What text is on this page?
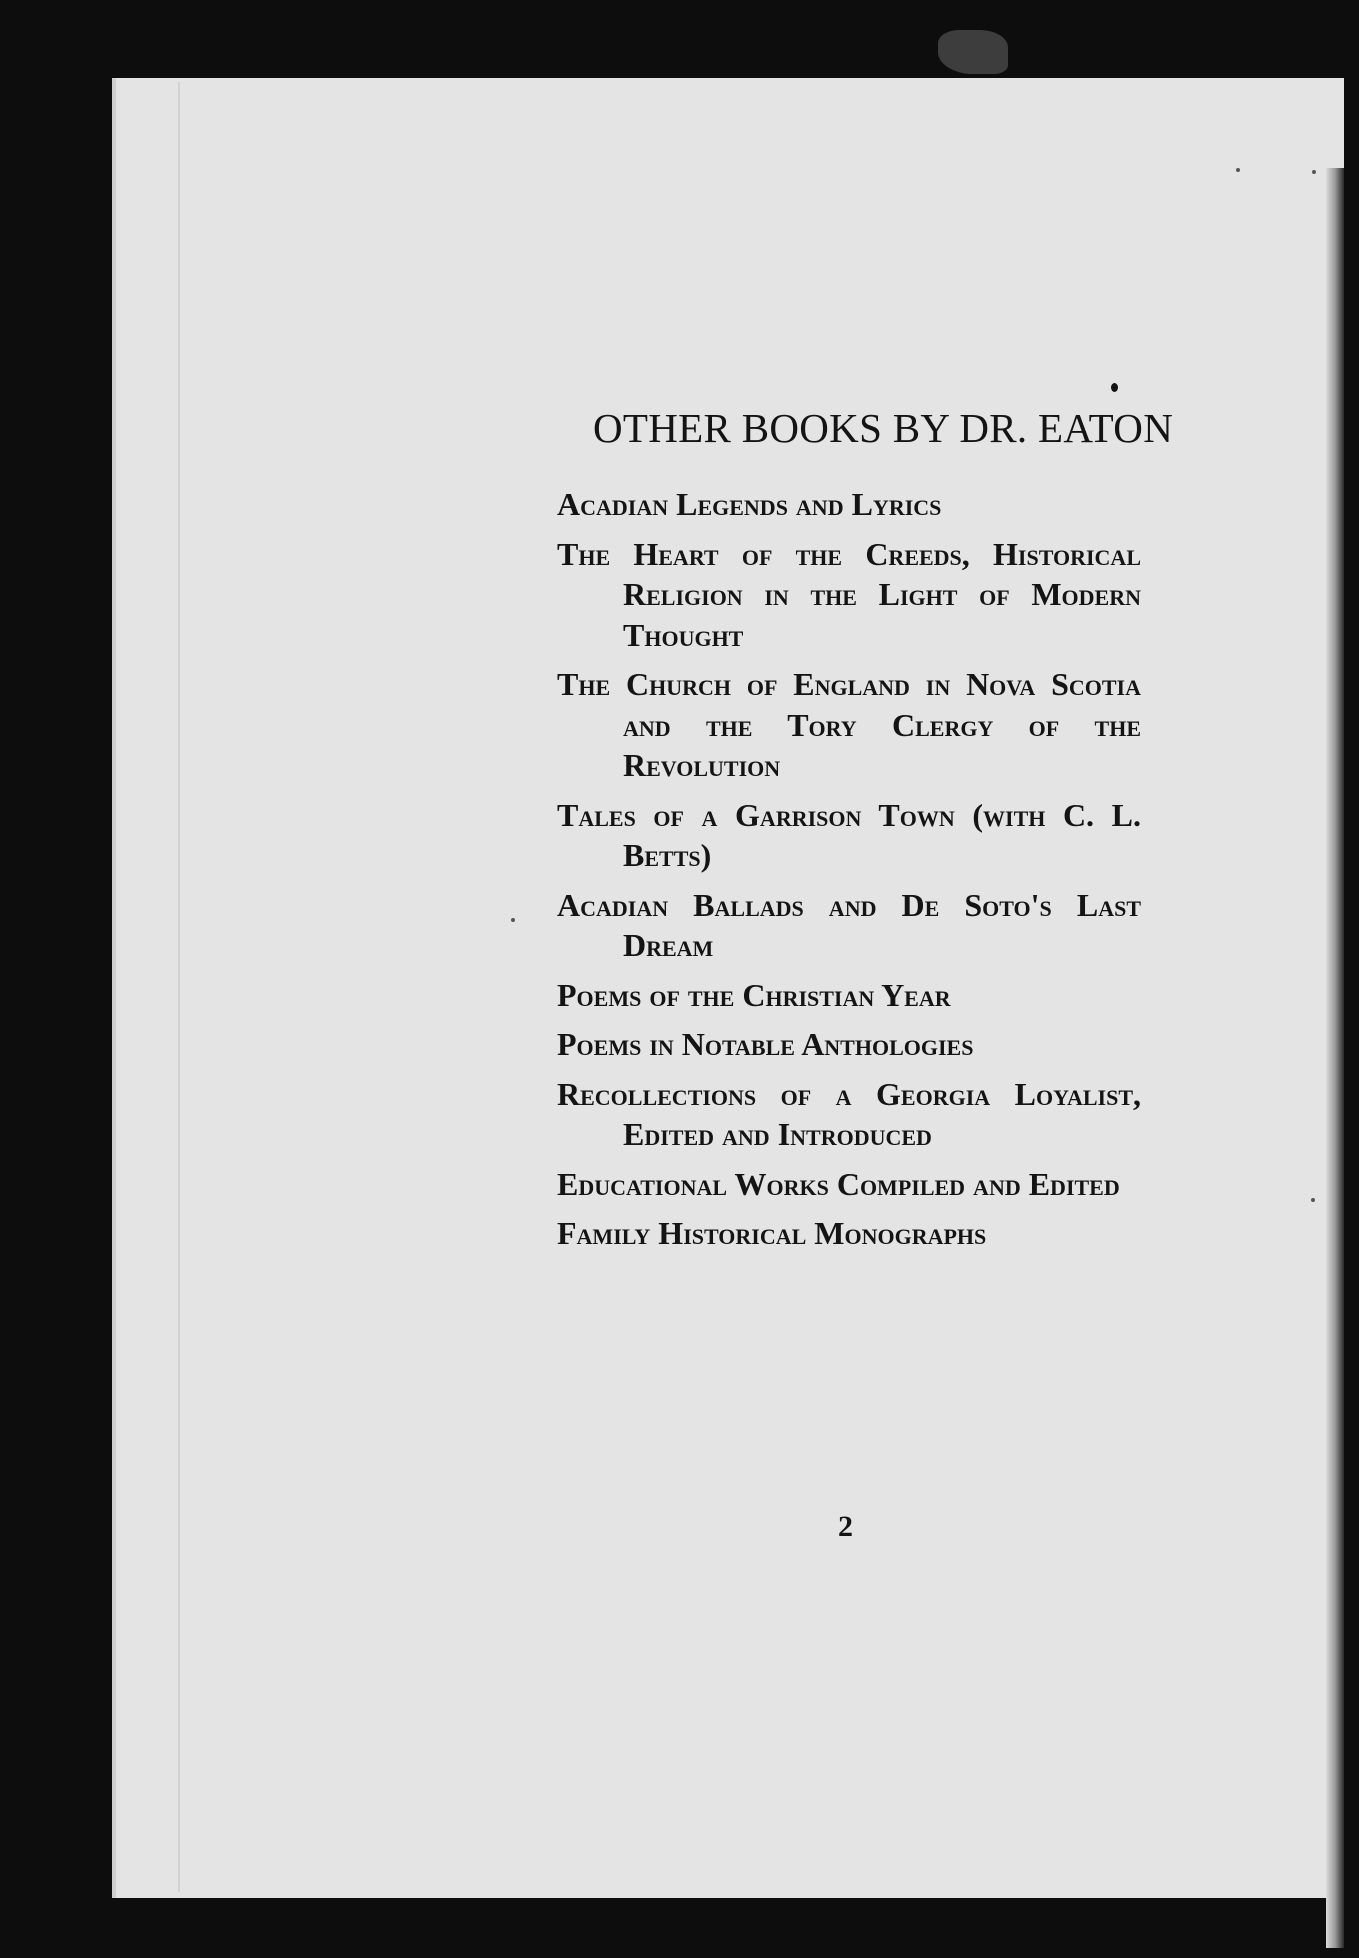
OTHER BOOKS BY DR. EATON
Acadian Legends and Lyrics
The Heart of the Creeds, Historical Religion in the Light of Modern Thought
The Church of England in Nova Scotia and the Tory Clergy of the Revolution
Tales of a Garrison Town (with C. L. Betts)
Acadian Ballads and De Soto's Last Dream
Poems of the Christian Year
Poems in Notable Anthologies
Recollections of a Georgia Loyalist, Edited and Introduced
Educational Works Compiled and Edited
Family Historical Monographs
2
